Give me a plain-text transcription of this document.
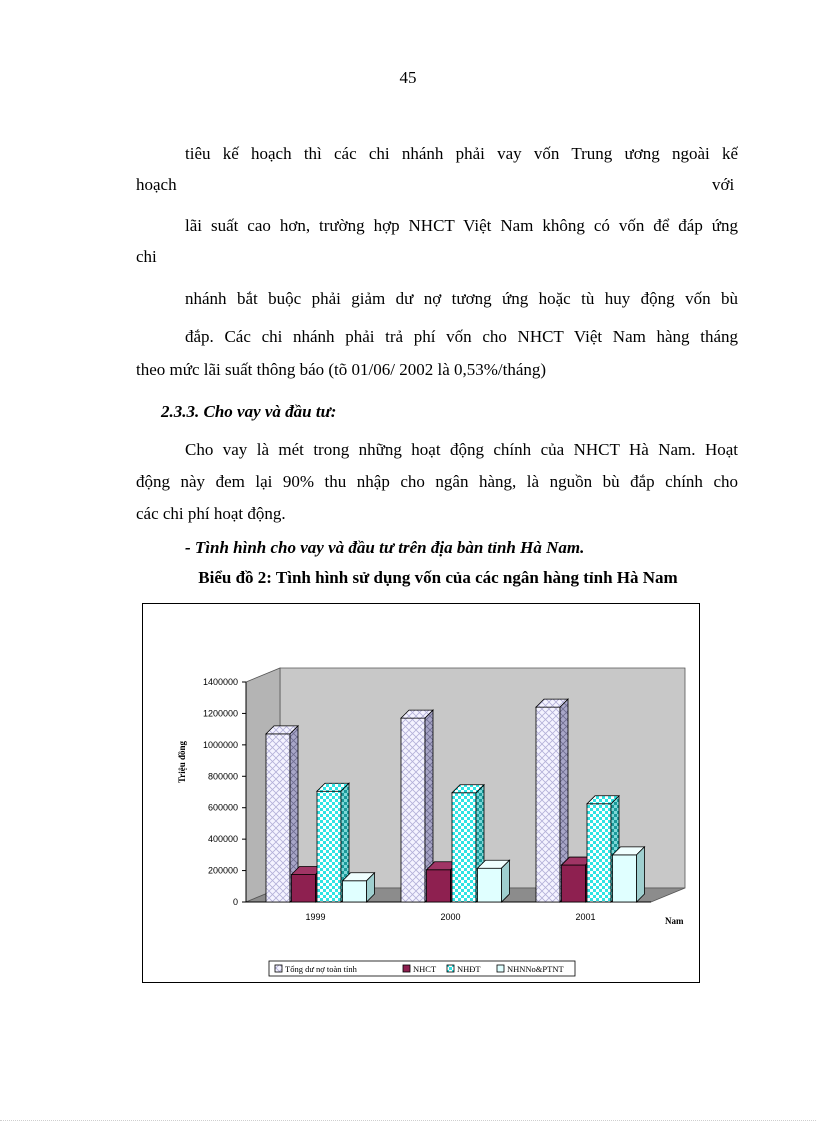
45
tiêu kế hoạch thì các chi nhánh phải vay vốn Trung ương ngoài kế
hoạch	với
lãi suất cao hơn, trường hợp NHCT Việt Nam không có vốn để đáp ứng
chi
nhánh bắt buộc phải giảm dư nợ tương ứng hoặc tù huy động vốn bù
đắp. Các chi nhánh phải trả phí vốn cho NHCT Việt Nam hàng tháng
theo mức lãi suất thông báo (tõ 01/06/ 2002 là 0,53%/tháng)
2.3.3. Cho vay và đầu tư:
Cho vay là mét trong những hoạt động chính của NHCT Hà Nam. Hoạt
động này đem lại 90% thu nhập cho ngân hàng, là nguồn bù đắp chính cho
các chi phí hoạt động.
- Tình hình cho vay và đầu tư trên địa bàn tỉnh Hà Nam.
Biểu đồ 2: Tình hình sử dụng vốn của các ngân hàng tỉnh Hà Nam
0
200000
400000
600000
800000
1000000
1200000
1400000
Triệu đồng
1999	2000	2001	Nam
Tổng dư nợ toàn tỉnh	NHCT NHĐT	NHNNo&PTNT
